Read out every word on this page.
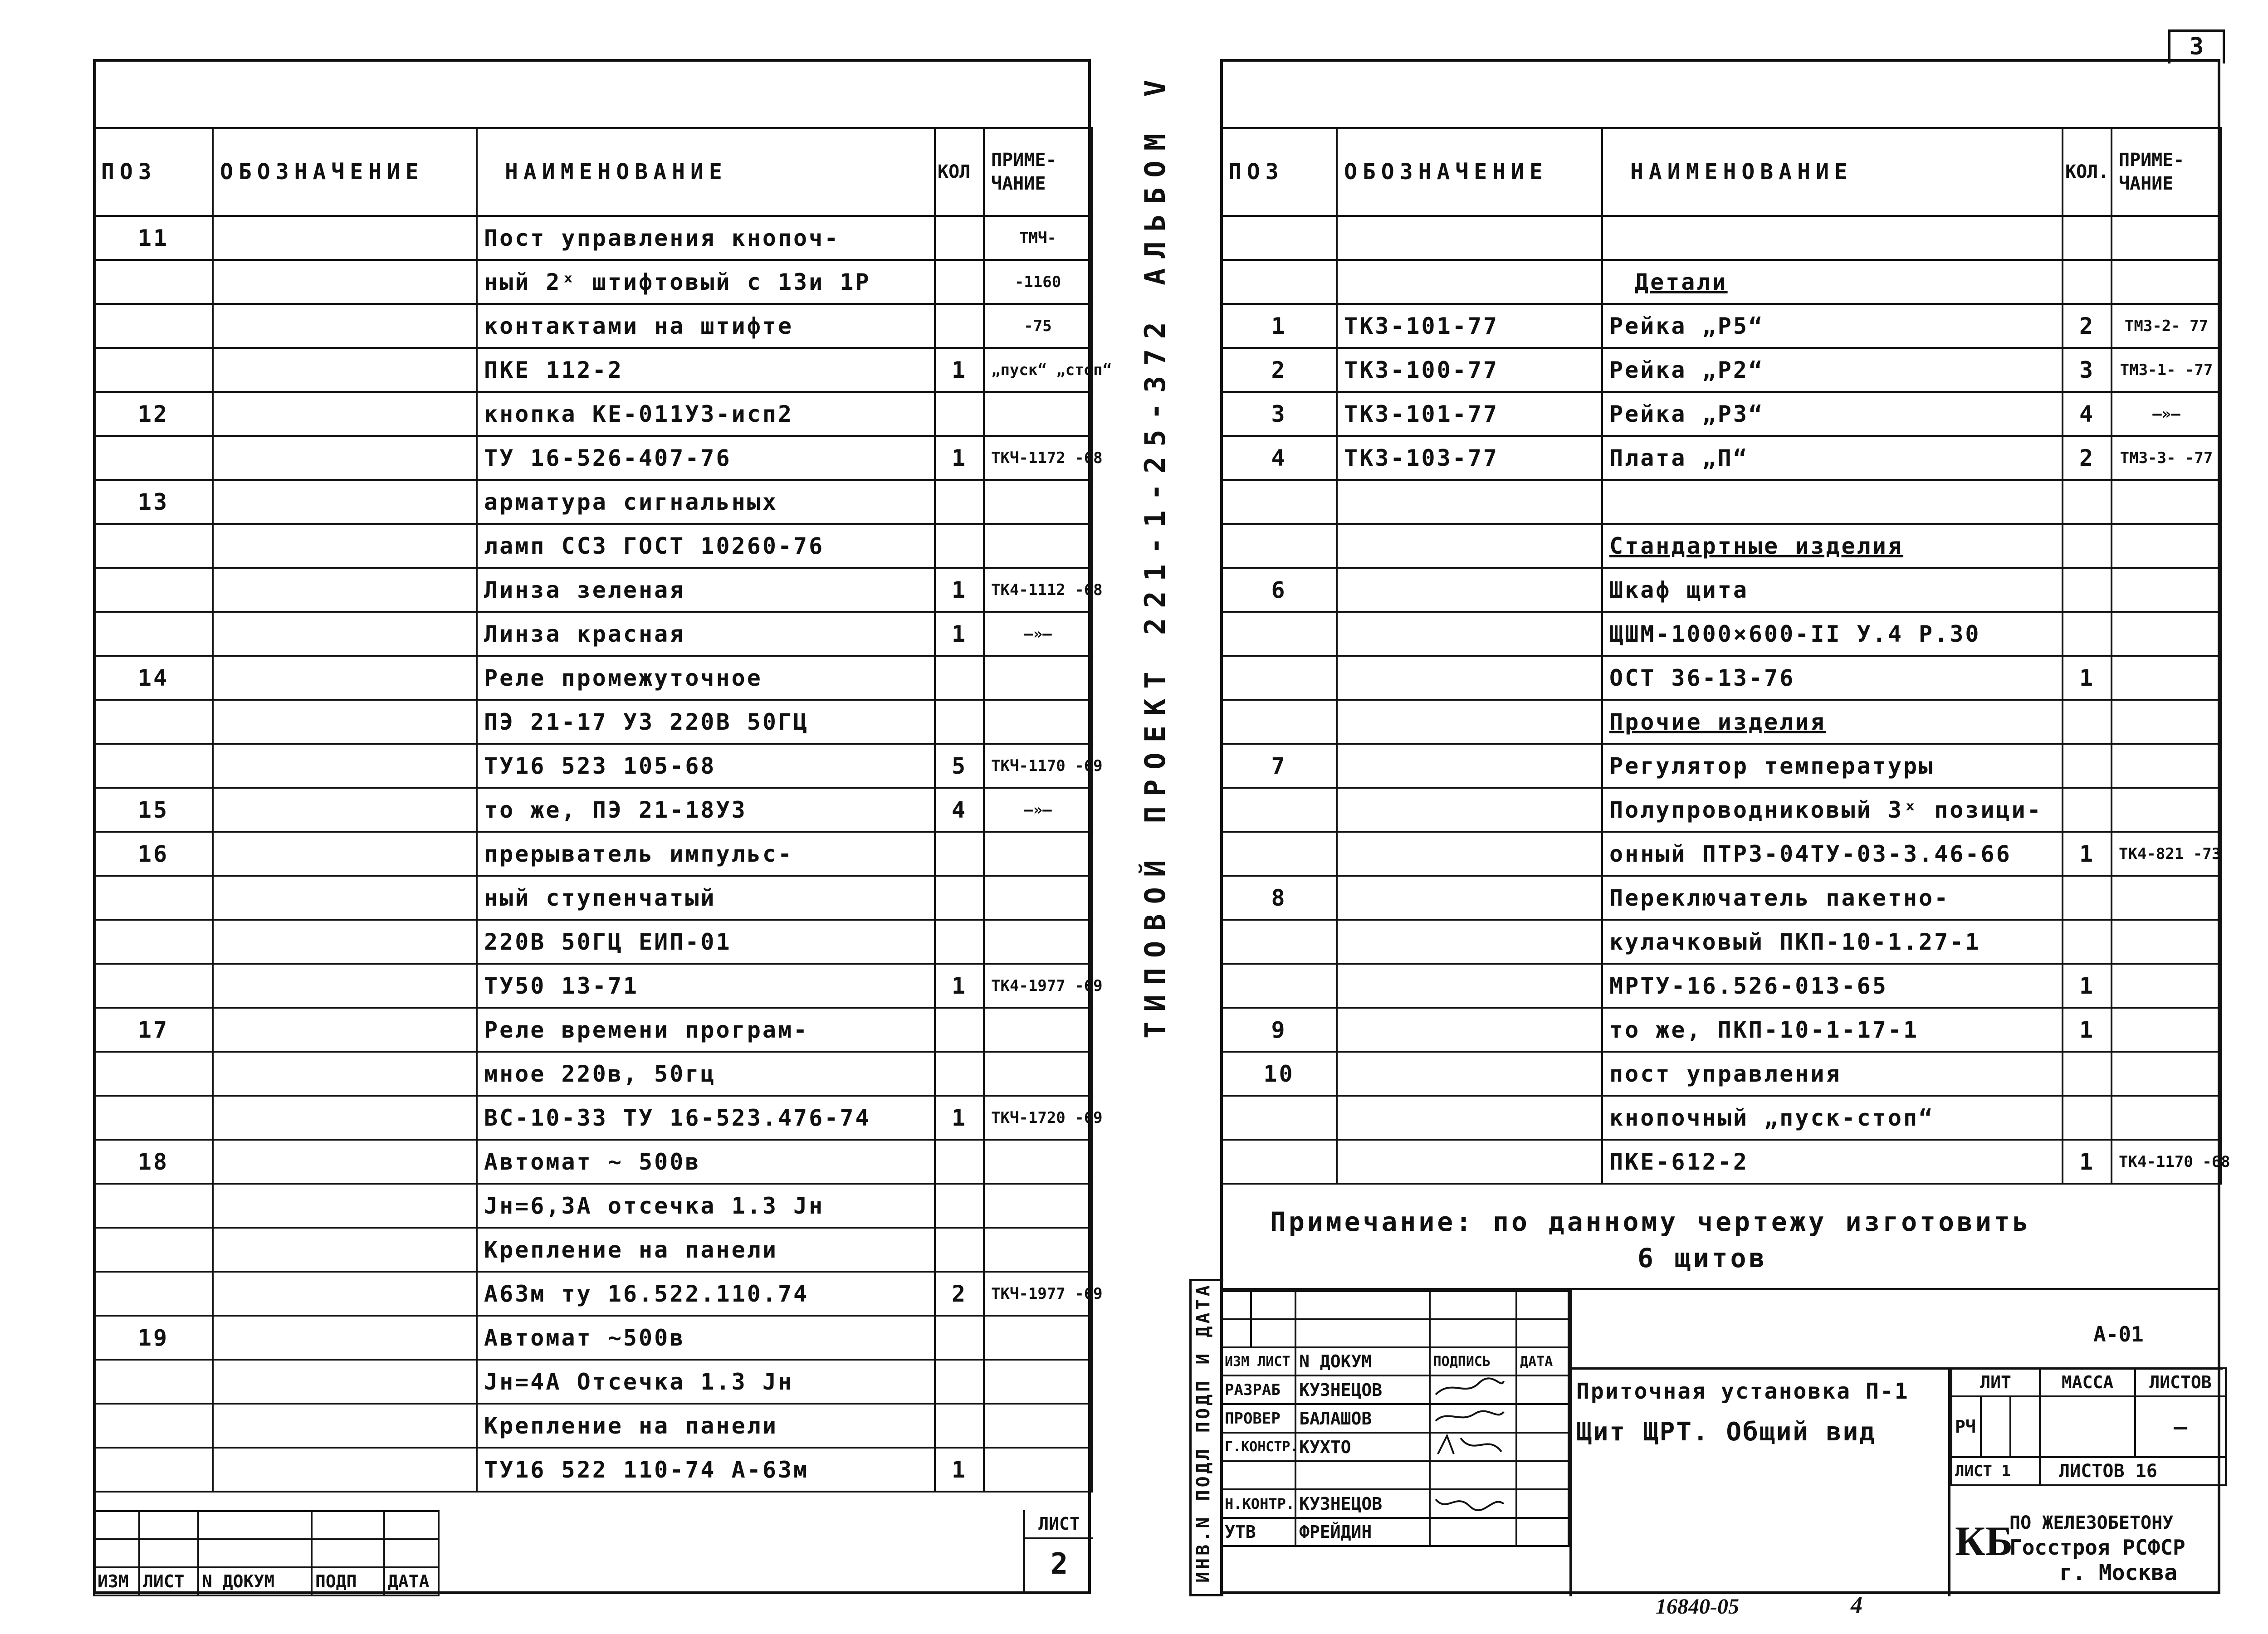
ПОЗ	ОБОЗНАЧЕНИЕ	НАИМЕНОВАНИЕ	КОЛ	ПРИМЕ-ЧАНИЕ
11		Пост управления кнопоч-		ТМЧ-
		ный 2ˣ штифтовый с 13и 1Р		-1160
		контактами на штифте		-75
		ПКЕ 112-2	1	„пуск“ „стоп“
12		кнопка КЕ-011У3-исп2		
		ТУ 16-526-407-76	1	ТКЧ-1172 -68
13		арматура сигнальных		
		ламп ССЗ ГОСТ 10260-76		
		Линза зеленая	1	ТК4-1112 -68
		Линза красная	1	—»—
14		Реле промежуточное		
		ПЭ 21-17 У3 220В 50ГЦ		
		ТУ16 523 105-68	5	ТКЧ-1170 -69
15		то же, ПЭ 21-18У3	4	—»—
16		прерыватель импульс-		
		ный ступенчатый		
		220В 50ГЦ ЕИП-01		
		ТУ50 13-71	1	ТК4-1977 -69
17		Реле времени програм-		
		мное 220в, 50гц		
		ВС-10-33 ТУ 16-523.476-74	1	ТКЧ-1720 -69
18		Автомат ~ 500в		
		Jн=6,3А отсечка 1.3 Jн		
		Крепление на панели		
		А63м ту 16.522.110.74	2	ТКЧ-1977 -69
19		Автомат ~500в		
		Jн=4А Отсечка 1.3 Jн		
		Крепление на панели		
		ТУ16 522 110-74 А-63м	1	

ИЗМ	ЛИСТ	N ДОКУМ	ПОДП	ДАТА
ЛИСТ
2
ТИПОВОЙ ПРОЕКТ 221-1-25-372 АЛЬБОМ V
ИНВ.N ПОДЛ ПОДП И ДАТА
3
ПОЗ	ОБОЗНАЧЕНИЕ	НАИМЕНОВАНИЕ	КОЛ.	ПРИМЕ-ЧАНИЕ

		Детали		
1	ТК3-101-77	Рейка „Р5“	2	ТМ3-2- 77
2	ТК3-100-77	Рейка „Р2“	3	ТМ3-1- -77
3	ТК3-101-77	Рейка „Р3“	4	—»—
4	ТК3-103-77	Плата „П“	2	ТМ3-3- -77

		Стандартные изделия		
6		Шкаф щита		
		ЩШМ-1000×600-II У.4 Р.30		
		ОСТ 36-13-76	1	
		Прочие изделия		
7		Регулятор температуры		
		Полупроводниковый 3ˣ позици-		
		онный ПТР3-04ТУ-03-3.46-66	1	ТК4-821 -73
8		Переключатель пакетно-		
		кулачковый ПКП-10-1.27-1		
		МРТУ-16.526-013-65	1	
9		то же, ПКП-10-1-17-1	1	
10		пост управления		
		кнопочный „пуск-стоп“		
		ПКЕ-612-2	1	ТК4-1170 -68
Примечание: по данному чертежу изготовить
6 щитов

ИЗМ ЛИСТ		N ДОКУМ	ПОДПИСЬ	ДАТА
РАЗРАБ		КУЗНЕЦОВ		
ПРОВЕР		БАЛАШОВ		
Г.КОНСТР.		КУХТО		

Н.КОНТР.		КУЗНЕЦОВ		
УТВ		ФРЕЙДИН		
А-01
Приточная установка П-1
Щит ЩРТ. Общий вид
ЛИТ			МАССА	ЛИСТОВ
РЧ				—
ЛИСТ 1			ЛИСТОВ 16	
КБ
ПО ЖЕЛЕЗОБЕТОНУ
Госстроя РСФСР
г. Москва
16840-05	4
